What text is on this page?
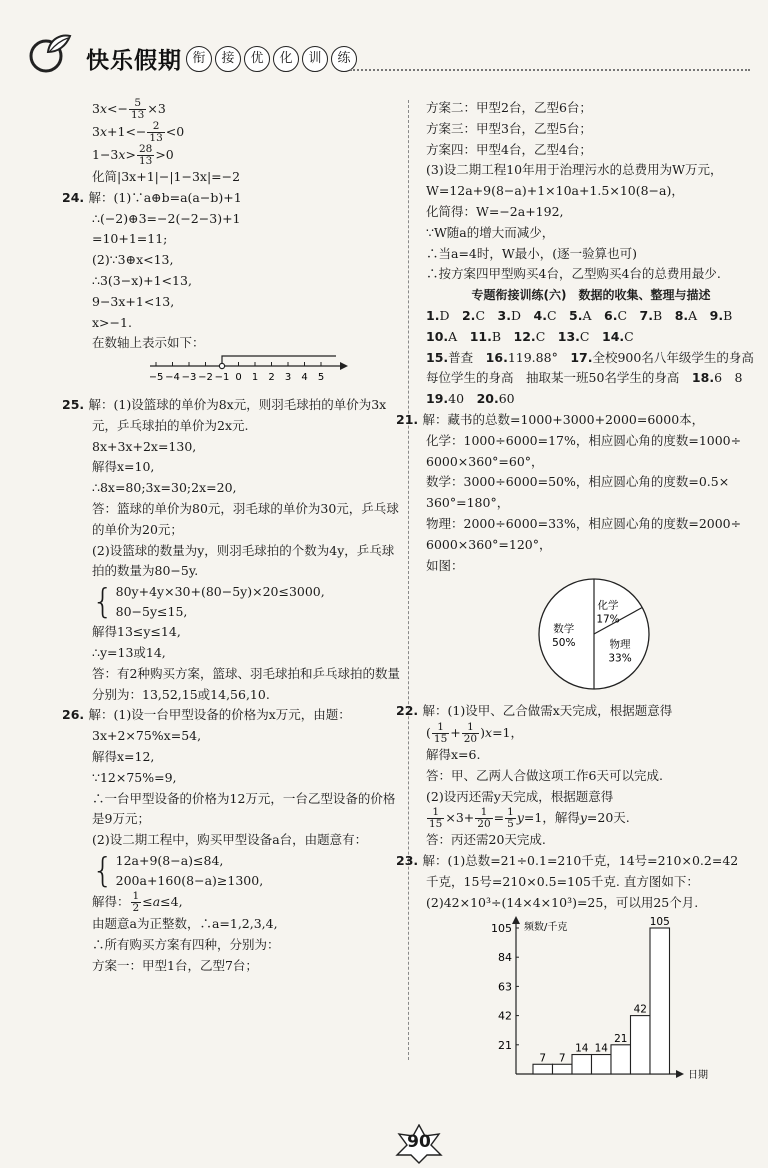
快乐假期 衔	接	优	化	训	练
$3x<- \frac{5}{13} \times 3$
$3x+1<- \frac{2}{13} <0$
$1-3x> \frac{28}{13} >0$
化简|3x+1|−|1−3x|=−2
24. 解：(1)∵a⊕b=a(a−b)+1
∴(−2)⊕3=−2(−2−3)+1
=10+1=11;
(2)∵3⊕x<13,
∴3(3−x)+1<13,
9−3x+1<13,
x>−1.
在数轴上表示如下：
−5 −4 −3 −2 −1 0 1 2 3 4 5
25. 解：(1)设篮球的单价为8x元，则羽毛球拍的单价为3x
元，乒乓球拍的单价为2x元.
8x+3x+2x=130,
解得x=10,
∴8x=80;3x=30;2x=20,
答：篮球的单价为80元，羽毛球的单价为30元，乒乓球
的单价为20元；
(2)设篮球的数量为y，则羽毛球拍的个数为4y，乒乓球
拍的数量为80−5y.
{ 80y+4y×30+(80−5y)×20≤3000,
80−5y≤15,
解得13≤y≤14,
∴y=13或14,
答：有2种购买方案，篮球、羽毛球拍和乒乓球拍的数量
分别为：13,52,15或14,56,10.
26. 解：(1)设一台甲型设备的价格为x万元，由题：
3x+2×75%x=54,
解得x=12,
∵12×75%=9,
∴一台甲型设备的价格为12万元，一台乙型设备的价格
是9万元；
(2)设二期工程中，购买甲型设备a台，由题意有：
{ 12a+9(8−a)≤84,
200a+160(8−a)≥1300,
解得： $\frac{1}{2} \le a\le 4$,
由题意a为正整数，∴a=1,2,3,4,
∴所有购买方案有四种，分别为：
方案一：甲型1台，乙型7台；
方案二：甲型2台，乙型6台；
方案三：甲型3台，乙型5台；
方案四：甲型4台，乙型4台；
(3)设二期工程10年用于治理污水的总费用为W万元，
W=12a+9(8−a)+1×10a+1.5×10(8−a)，
化简得：W=−2a+192,
∵W随a的增大而减少，
∴当a=4时，W最小，(逐一验算也可)
∴按方案四甲型购买4台，乙型购买4台的总费用最少.
专题衔接训练(六)　数据的收集、整理与描述
1.D　2.C　3.D　4.C　5.A　6.C　7.B　8.A　9.B
10.A　11.B　12.C　13.C　14.C
15.普查　16.119.88°　17.全校900名八年级学生的身高
每位学生的身高　抽取某一班50名学生的身高　18.6　8
19.40　20.60
21. 解：藏书的总数=1000+3000+2000=6000本，
化学：1000÷6000=17%，相应圆心角的度数=1000÷
6000×360°=60°，
数学：3000÷6000=50%，相应圆心角的度数=0.5×
360°=180°，
物理：2000÷6000=33%，相应圆心角的度数=2000÷
6000×360°=120°，
如图：
化学
17%
物理
33%
数学
50%
22. 解：(1)设甲、乙合做需x天完成，根据题意得
( $\frac{1}{15} + \frac{1}{20} )x=1$，
解得x=6.
答：甲、乙两人合做这项工作6天可以完成.
(2)设丙还需y天完成，根据题意得
$\frac{1}{15} \times 3+ \frac{1}{20} = \frac{1}{5} y=1$，解得y=20天.
答：丙还需20天完成.
23. 解：(1)总数=21÷0.1=210千克，14号=210×0.2=42
千克，15号=210×0.5=105千克. 直方图如下：
(2)42×10³÷(14×4×10³)=25，可以用25个月.
频数/千克
日期
21
42
63
84
105
7 7
14 14
21
42
105
90
